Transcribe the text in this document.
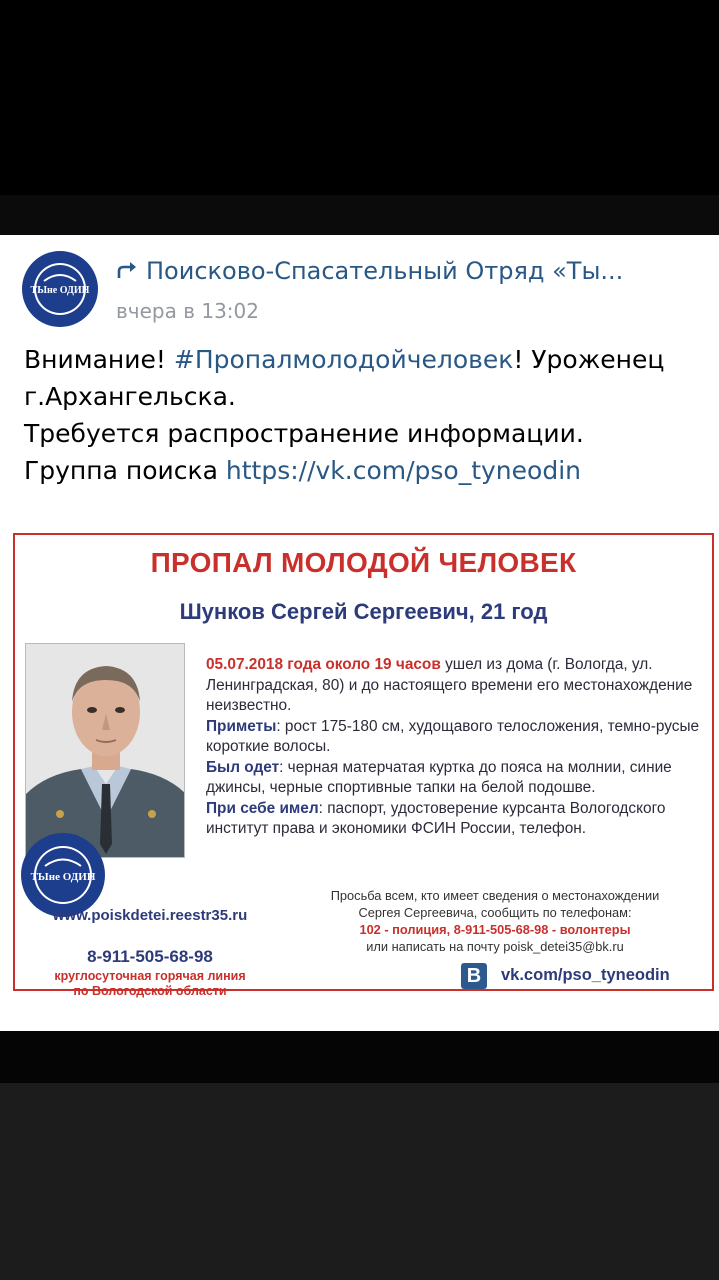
ТЫне ОДИН
Поисково-Спасательный Отряд «Ты...
вчера в 13:02

Внимание! #Пропалмолодойчеловек! Уроженец

г.Архангельска.

Требуется распространение информации.

Группа поиска https://vk.com/pso_tyneodin

ПРОПАЛ МОЛОДОЙ ЧЕЛОВЕК
Шунков Сергей Сергеевич, 21 год
05.07.2018 года около 19 часов ушел из дома (г. Вологда, ул. Ленинградская, 80) и до настоящего времени его местонахождение неизвестно.
Приметы: рост 175-180 см, худощавого телосложения, темно-русые короткие волосы.
Был одет: черная матерчатая куртка до пояса на молнии, синие джинсы, черные спортивные тапки на белой подошве.
При себе имел: паспорт, удостоверение курсанта Вологодского институт права и экономики ФСИН России, телефон.
ТЫне ОДИН
www.poiskdetei.reestr35.ru
8-911-505-68-98
круглосуточная горячая линия
по Вологодской области
Просьба всем, кто имеет сведения о местонахождении
Сергея Сергеевича, сообщить по телефонам:
102 - полиция, 8-911-505-68-98 - волонтеры
или написать на почту poisk_detei35@bk.ru
В	vk.com/pso_tyneodin
